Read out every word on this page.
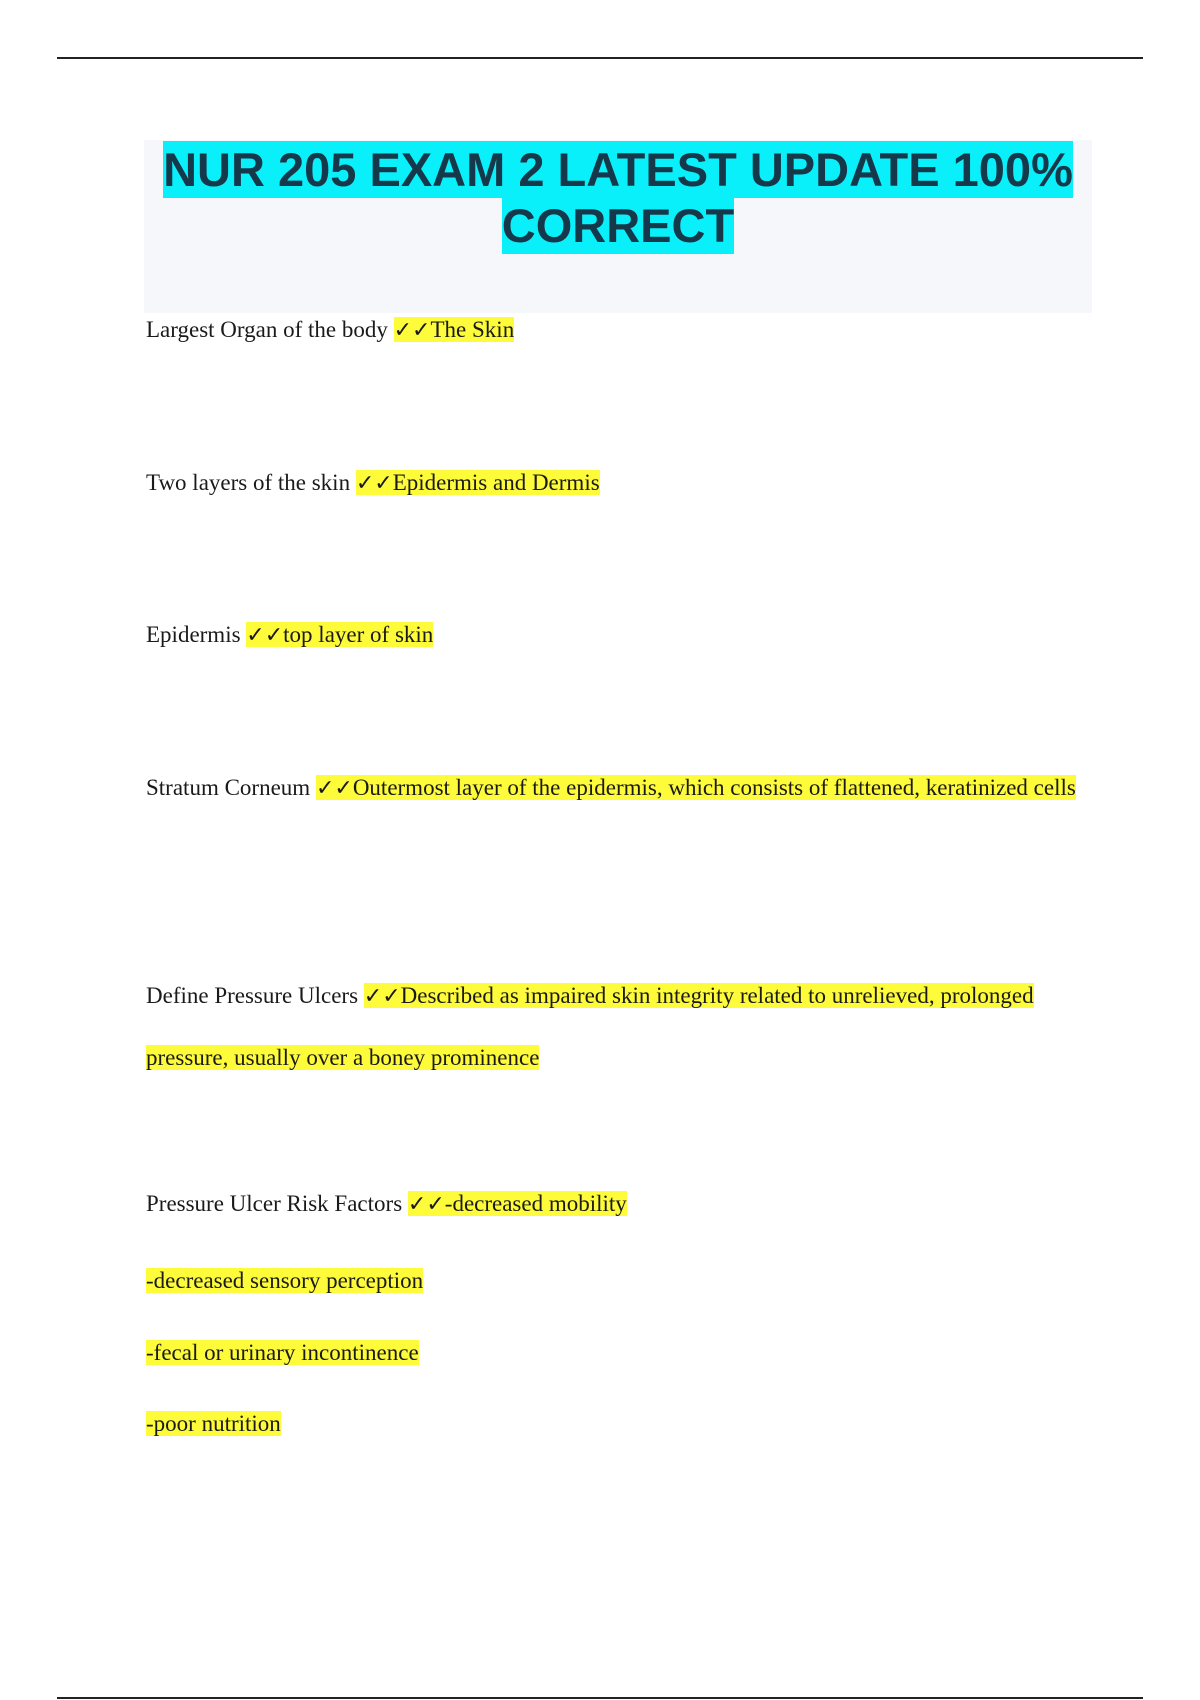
NUR 205 EXAM 2 LATEST UPDATE 100% CORRECT

Largest Organ of the body ✓✓The Skin

Two layers of the skin ✓✓Epidermis and Dermis

Epidermis ✓✓top layer of skin

Stratum Corneum ✓✓Outermost layer of the epidermis, which consists of flattened, keratinized cells

Define Pressure Ulcers ✓✓Described as impaired skin integrity related to unrelieved, prolonged pressure, usually over a boney prominence

Pressure Ulcer Risk Factors ✓✓-decreased mobility

-decreased sensory perception

-fecal or urinary incontinence

-poor nutrition
